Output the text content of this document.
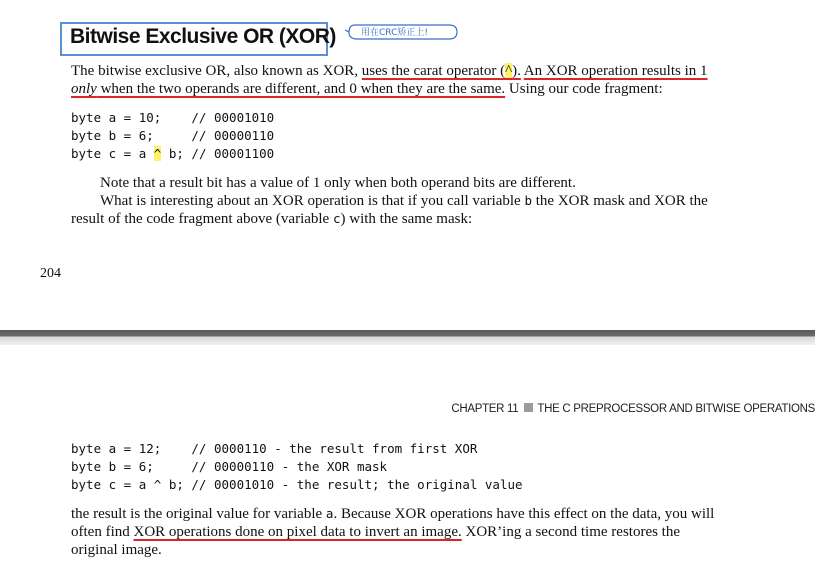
Bitwise Exclusive OR (XOR)	用在CRC矫正上!
The bitwise exclusive OR, also known as XOR, uses the carat operator (^). An XOR operation results in 1
only when the two operands are different, and 0 when they are the same. Using our code fragment:
byte a = 10;    // 00001010
byte b = 6;     // 00000110
byte c = a ^ b; // 00001100
Note that a result bit has a value of 1 only when both operand bits are different.
What is interesting about an XOR operation is that if you call variable b the XOR mask and XOR the
result of the code fragment above (variable c) with the same mask:
204
CHAPTER 11 THE C PREPROCESSOR AND BITWISE OPERATIONS
byte a = 12;    // 0000110 - the result from first XOR
byte b = 6;     // 00000110 - the XOR mask
byte c = a ^ b; // 00001010 - the result; the original value
the result is the original value for variable a. Because XOR operations have this effect on the data, you will
often find XOR operations done on pixel data to invert an image. XOR’ing a second time restores the
original image.
